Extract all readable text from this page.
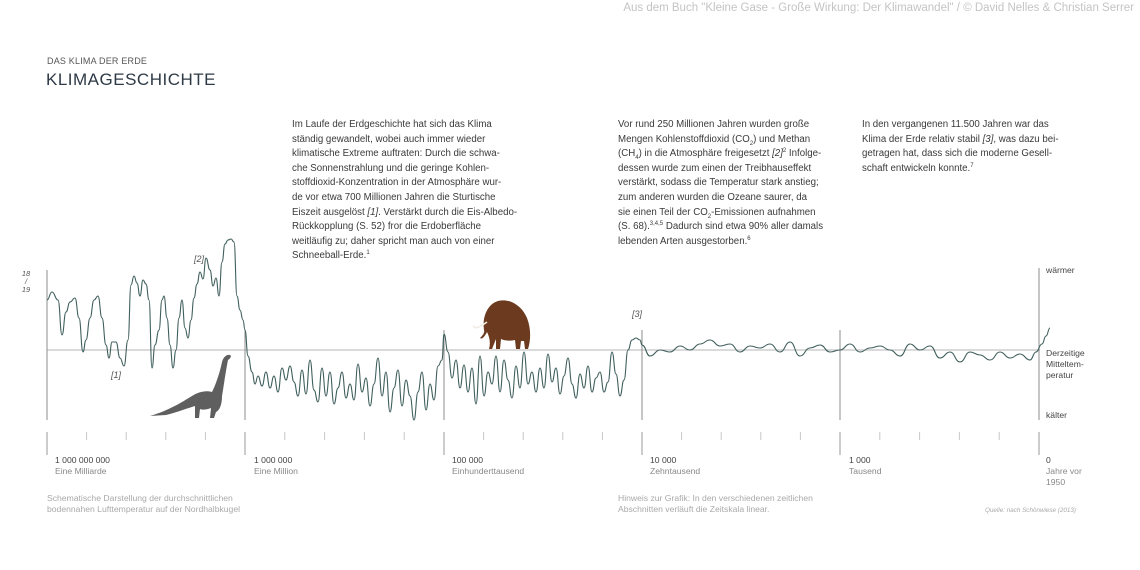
Aus dem Buch "Kleine Gase - Große Wirkung: Der Klimawandel" / © David Nelles & Christian Serrer
DAS KLIMA DER ERDE
KLIMAGESCHICHTE
Im Laufe der Erdgeschichte hat sich das Klima
ständig gewandelt, wobei auch immer wieder
klimatische Extreme auftraten: Durch die schwa-
che Sonnenstrahlung und die geringe Kohlen-
stoffdioxid-Konzentration in der Atmosphäre wur-
de vor etwa 700 Millionen Jahren die Sturtische
Eiszeit ausgelöst [1]. Verstärkt durch die Eis-Albedo-
Rückkopplung (S. 52) fror die Erdoberfläche
weitläufig zu; daher spricht man auch von einer
Schneeball-Erde.$^1$
Vor rund 250 Millionen Jahren wurden große
Mengen Kohlenstoffdioxid $(CO_2)$ und Methan
$(CH_4)$ in die Atmosphäre freigesetzt $[2]^2$ Infolge-
dessen wurde zum einen der Treibhauseffekt
verstärkt, sodass die Temperatur stark anstieg;
zum anderen wurden die Ozeane saurer, da
sie einen Teil der $CO_2$-Emissionen aufnahmen
(S. 68).$^{3,4,5}$ Dadurch sind etwa 90% aller damals
lebenden Arten ausgestorben.$^6$
In den vergangenen 11.500 Jahren war das
Klima der Erde relativ stabil [3], was dazu bei-
getragen hat, dass sich die moderne Gesell-
schaft entwickeln konnte.$^7$
[1]
[2]
[3]
18
/
19
wärmer
Derzeitige
Mitteltem-
peratur
kälter
1 000 000 000
Eine Milliarde
1 000 000
Eine Million
100 000
Einhunderttausend
10 000
Zehntausend
1 000
Tausend
0
Jahre vor
1950
Schematische Darstellung der durchschnittlichen
bodennahen Lufttemperatur auf der Nordhalbkugel
Hinweis zur Grafik: In den verschiedenen zeitlichen
Abschnitten verläuft die Zeitskala linear.	Quelle: nach Schönwiese (2013)
